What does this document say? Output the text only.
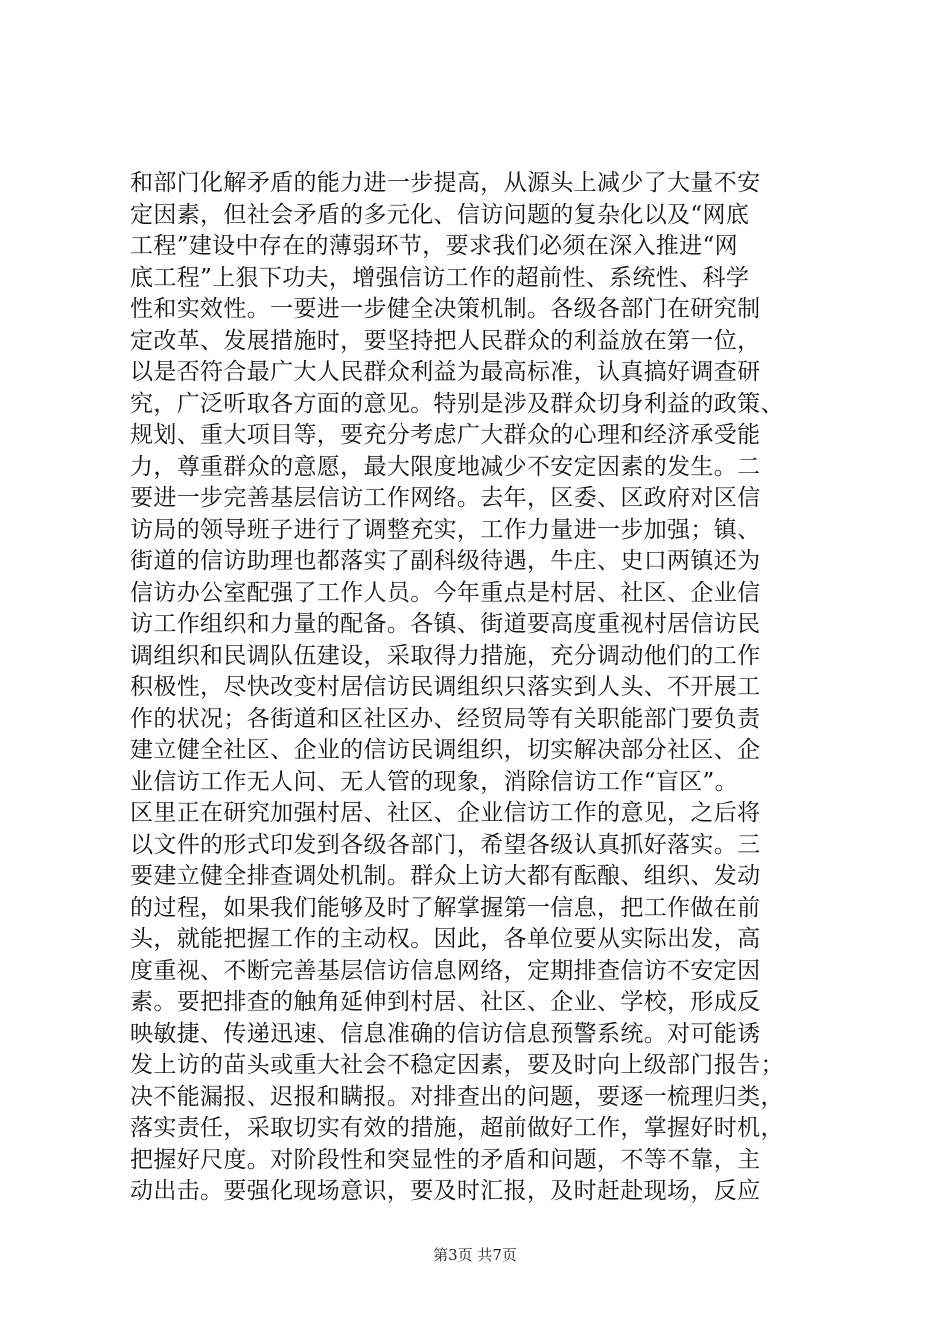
和部门化解矛盾的能力进一步提高，从源头上减少了大量不安
定因素，但社会矛盾的多元化、信访问题的复杂化以及“网底
工程”建设中存在的薄弱环节，要求我们必须在深入推进“网
底工程”上狠下功夫，增强信访工作的超前性、系统性、科学
性和实效性。一要进一步健全决策机制。各级各部门在研究制
定改革、发展措施时，要坚持把人民群众的利益放在第一位，
以是否符合最广大人民群众利益为最高标准，认真搞好调查研
究，广泛听取各方面的意见。特别是涉及群众切身利益的政策、
规划、重大项目等，要充分考虑广大群众的心理和经济承受能
力，尊重群众的意愿，最大限度地减少不安定因素的发生。二
要进一步完善基层信访工作网络。去年，区委、区政府对区信
访局的领导班子进行了调整充实，工作力量进一步加强；镇、
街道的信访助理也都落实了副科级待遇，牛庄、史口两镇还为
信访办公室配强了工作人员。今年重点是村居、社区、企业信
访工作组织和力量的配备。各镇、街道要高度重视村居信访民
调组织和民调队伍建设，采取得力措施，充分调动他们的工作
积极性，尽快改变村居信访民调组织只落实到人头、不开展工
作的状况；各街道和区社区办、经贸局等有关职能部门要负责
建立健全社区、企业的信访民调组织，切实解决部分社区、企
业信访工作无人问、无人管的现象，消除信访工作“盲区”。
区里正在研究加强村居、社区、企业信访工作的意见，之后将
以文件的形式印发到各级各部门，希望各级认真抓好落实。三
要建立健全排查调处机制。群众上访大都有酝酿、组织、发动
的过程，如果我们能够及时了解掌握第一信息，把工作做在前
头，就能把握工作的主动权。因此，各单位要从实际出发，高
度重视、不断完善基层信访信息网络，定期排查信访不安定因
素。要把排查的触角延伸到村居、社区、企业、学校，形成反
映敏捷、传递迅速、信息准确的信访信息预警系统。对可能诱
发上访的苗头或重大社会不稳定因素，要及时向上级部门报告；
决不能漏报、迟报和瞒报。对排查出的问题，要逐一梳理归类，
落实责任，采取切实有效的措施，超前做好工作，掌握好时机，
把握好尺度。对阶段性和突显性的矛盾和问题，不等不靠，主
动出击。要强化现场意识，要及时汇报，及时赶赴现场，反应
第3页 共7页
